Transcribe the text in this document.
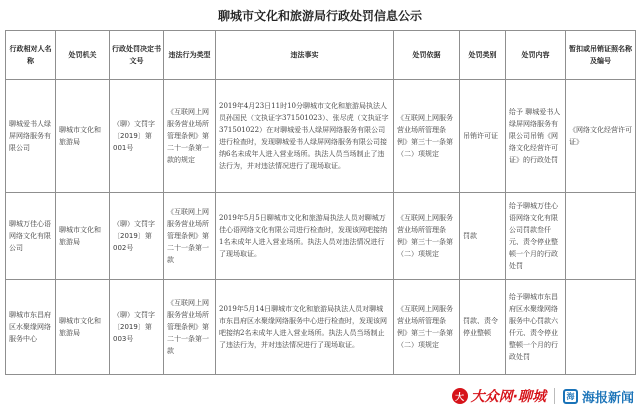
聊城市文化和旅游局行政处罚信息公示
行政相对人名称	处罚机关	行政处罚决定书文号	违法行为类型	违法事实	处罚依据	处罚类别	处罚内容	暂扣或吊销证照名称及编号
聊城爱书人绿屏网络服务有限公司	聊城市文化和旅游局	（聊）文罚字〔2019〕第001号	《互联网上网服务营业场所管理条例》第二十一条第一款的规定	2019年4月23日11时10分聊城市文化和旅游局执法人员孙国民（文执证字371501023）、张尽虎（文执证字371501022）在对聊城爱书人绿屏网络服务有限公司进行检查时，发现聊城爱书人绿屏网络服务有限公司接纳6名未成年人进入营业场所。执法人员当场制止了违法行为，并对违法情况进行了现场取证。	《互联网上网服务营业场所管理条例》第三十一条第（二）项规定	吊销许可证	给予 聊城爱书人绿屏网络服务有限公司吊销《网络文化经营许可证》的行政处罚	《网络文化经营许可证》
聊城万佳心语网络文化有限公司	聊城市文化和旅游局	（聊）文罚字〔2019〕第002号	《互联网上网服务营业场所管理条例》第二十一条第一款	2019年5月5日聊城市文化和旅游局执法人员对聊城万佳心语网络文化有限公司进行检查时，发现该网吧接纳1名未成年人进入营业场所。执法人员对违法情况进行了现场取证。	《互联网上网服务营业场所管理条例》第三十一条第（二）项规定	罚款	给予聊城万佳心语网络文化有限公司罚款叁仟元、责令停业整顿一个月的行政处罚	
聊城市东昌府区水聚缘网络服务中心	聊城市文化和旅游局	（聊）文罚字〔2019〕第003号	《互联网上网服务营业场所管理条例》第二十一条第一款	2019年5月14日聊城市文化和旅游局执法人员对聊城市东昌府区水聚缘网络服务中心进行检查时，发现该网吧接纳2名未成年人进入营业场所。执法人员当场制止了违法行为，并对违法情况进行了现场取证。	《互联网上网服务营业场所管理条例》第三十一条第（二）项规定	罚款、责令停业整顿	给予聊城市东昌府区水聚缘网络服务中心罚款六仟元、责令停业整顿一个月的行政处罚	
大 大众网·聊城	海 海报新闻
